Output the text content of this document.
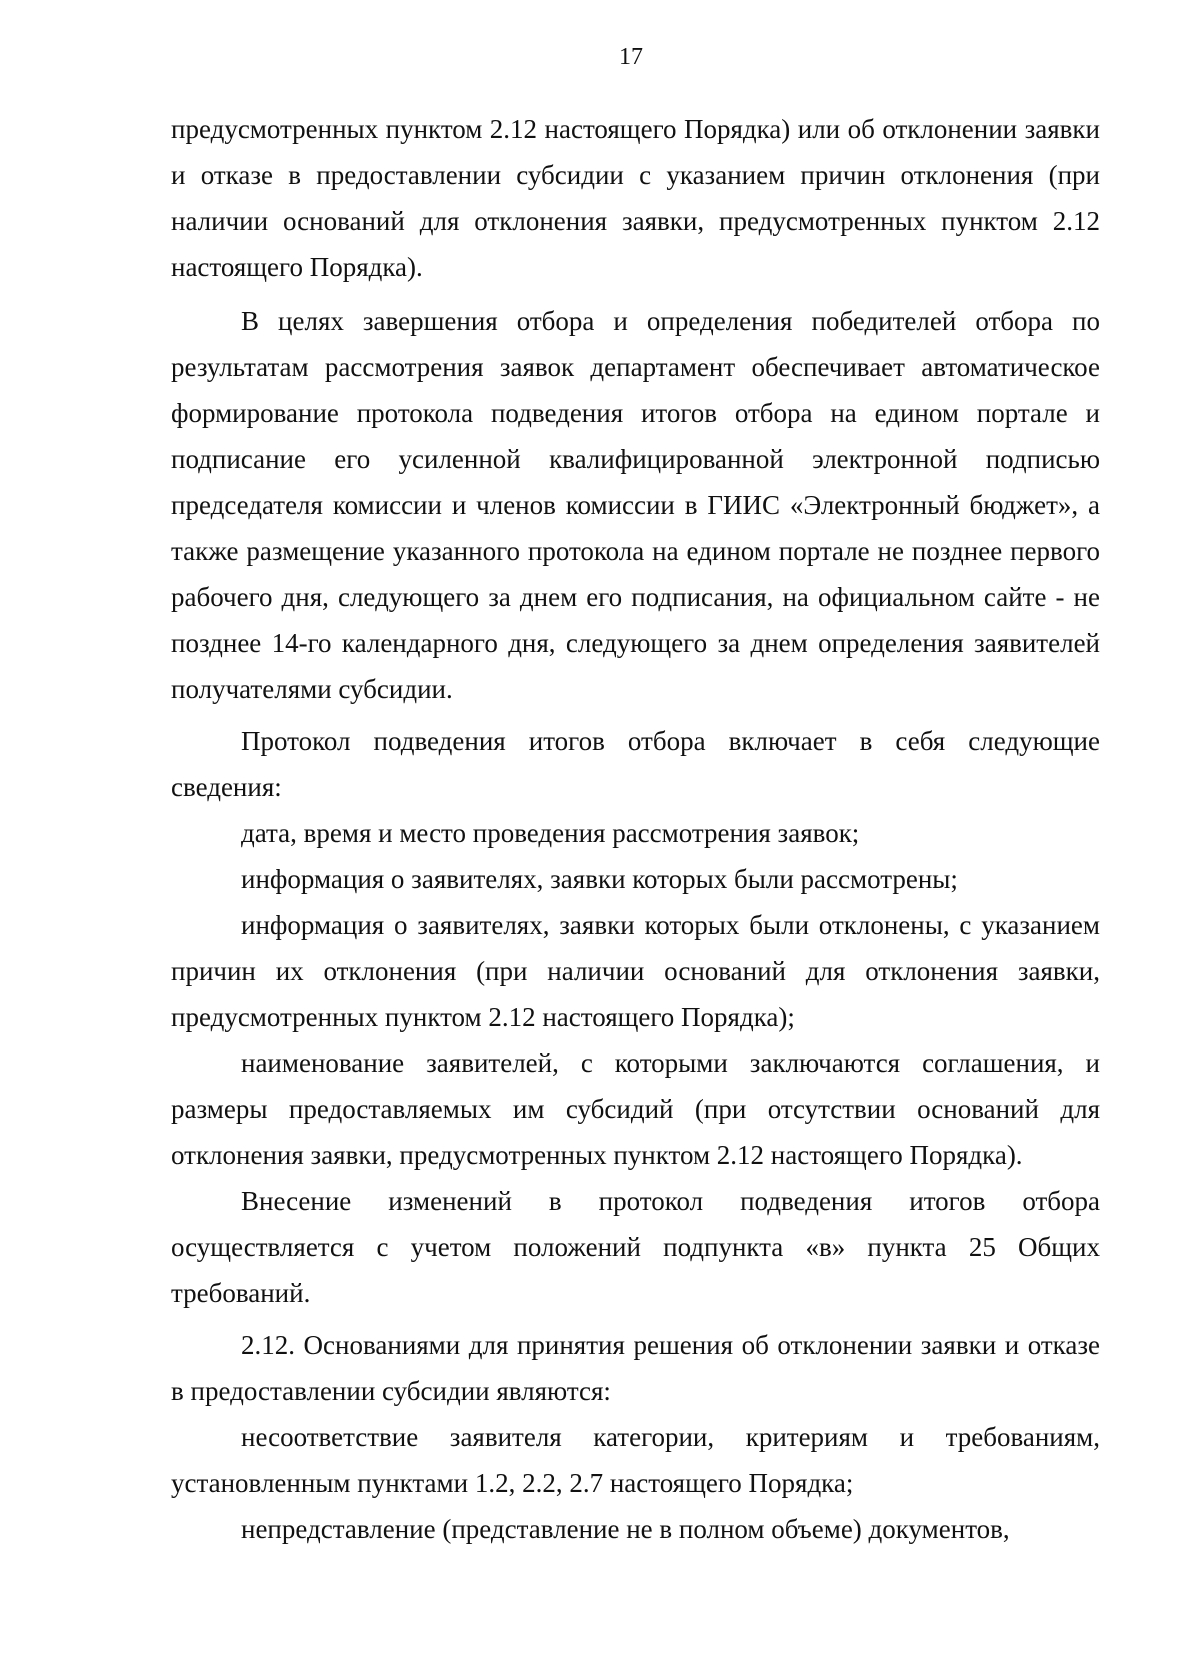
17

предусмотренных пунктом 2.12 настоящего Порядка) или об отклонении заявки и отказе в предоставлении субсидии с указанием причин отклонения (при наличии оснований для отклонения заявки, предусмотренных пунктом 2.12 настоящего Порядка).

В целях завершения отбора и определения победителей отбора по результатам рассмотрения заявок департамент обеспечивает автоматическое формирование протокола подведения итогов отбора на едином портале и подписание его усиленной квалифицированной электронной подписью председателя комиссии и членов комиссии в ГИИС «Электронный бюджет», а также размещение указанного протокола на едином портале не позднее первого рабочего дня, следующего за днем его подписания, на официальном сайте - не позднее 14-го календарного дня, следующего за днем определения заявителей получателями субсидии.

Протокол подведения итогов отбора включает в себя следующие сведения:

дата, время и место проведения рассмотрения заявок;

информация о заявителях, заявки которых были рассмотрены;

информация о заявителях, заявки которых были отклонены, с указанием причин их отклонения (при наличии оснований для отклонения заявки, предусмотренных пунктом 2.12 настоящего Порядка);

наименование заявителей, с которыми заключаются соглашения, и размеры предоставляемых им субсидий (при отсутствии оснований для отклонения заявки, предусмотренных пунктом 2.12 настоящего Порядка).

Внесение изменений в протокол подведения итогов отбора осуществляется с учетом положений подпункта «в» пункта 25 Общих требований.

2.12. Основаниями для принятия решения об отклонении заявки и отказе в предоставлении субсидии являются:

несоответствие заявителя категории, критериям и требованиям, установленным пунктами 1.2, 2.2, 2.7 настоящего Порядка;

непредставление (представление не в полном объеме) документов,
